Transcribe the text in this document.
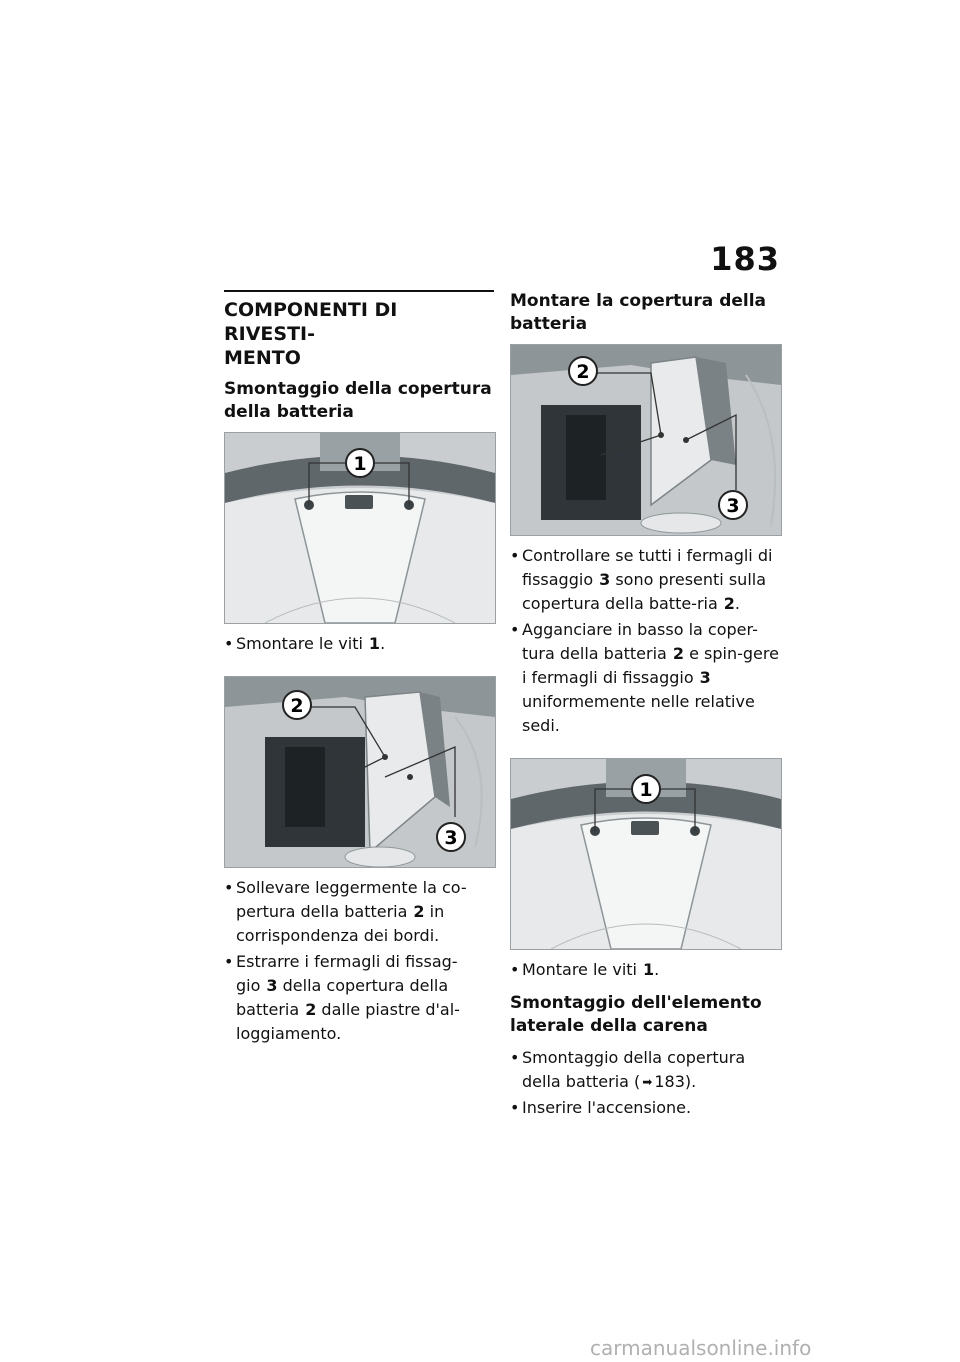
183
COMPONENTI DI RIVESTI-
MENTO
Smontaggio della copertura della batteria
1
• Smontare le viti 1.
2
3
• Sollevare leggermente la co-pertura della batteria 2 in corrispondenza dei bordi.
• Estrarre i fermagli di fissag-gio 3 della copertura della batteria 2 dalle piastre d'al-loggiamento.
Montare la copertura della batteria
2
3
• Controllare se tutti i fermagli di fissaggio 3 sono presenti sulla copertura della batte-ria 2.
• Agganciare in basso la coper-tura della batteria 2 e spin-gere i fermagli di fissaggio 3 uniformemente nelle relative sedi.
1
• Montare le viti 1.
Smontaggio dell'elemento laterale della carena
• Smontaggio della copertura della batteria ( ➡ 183).
• Inserire l'accensione.
carmanualsonline.info
